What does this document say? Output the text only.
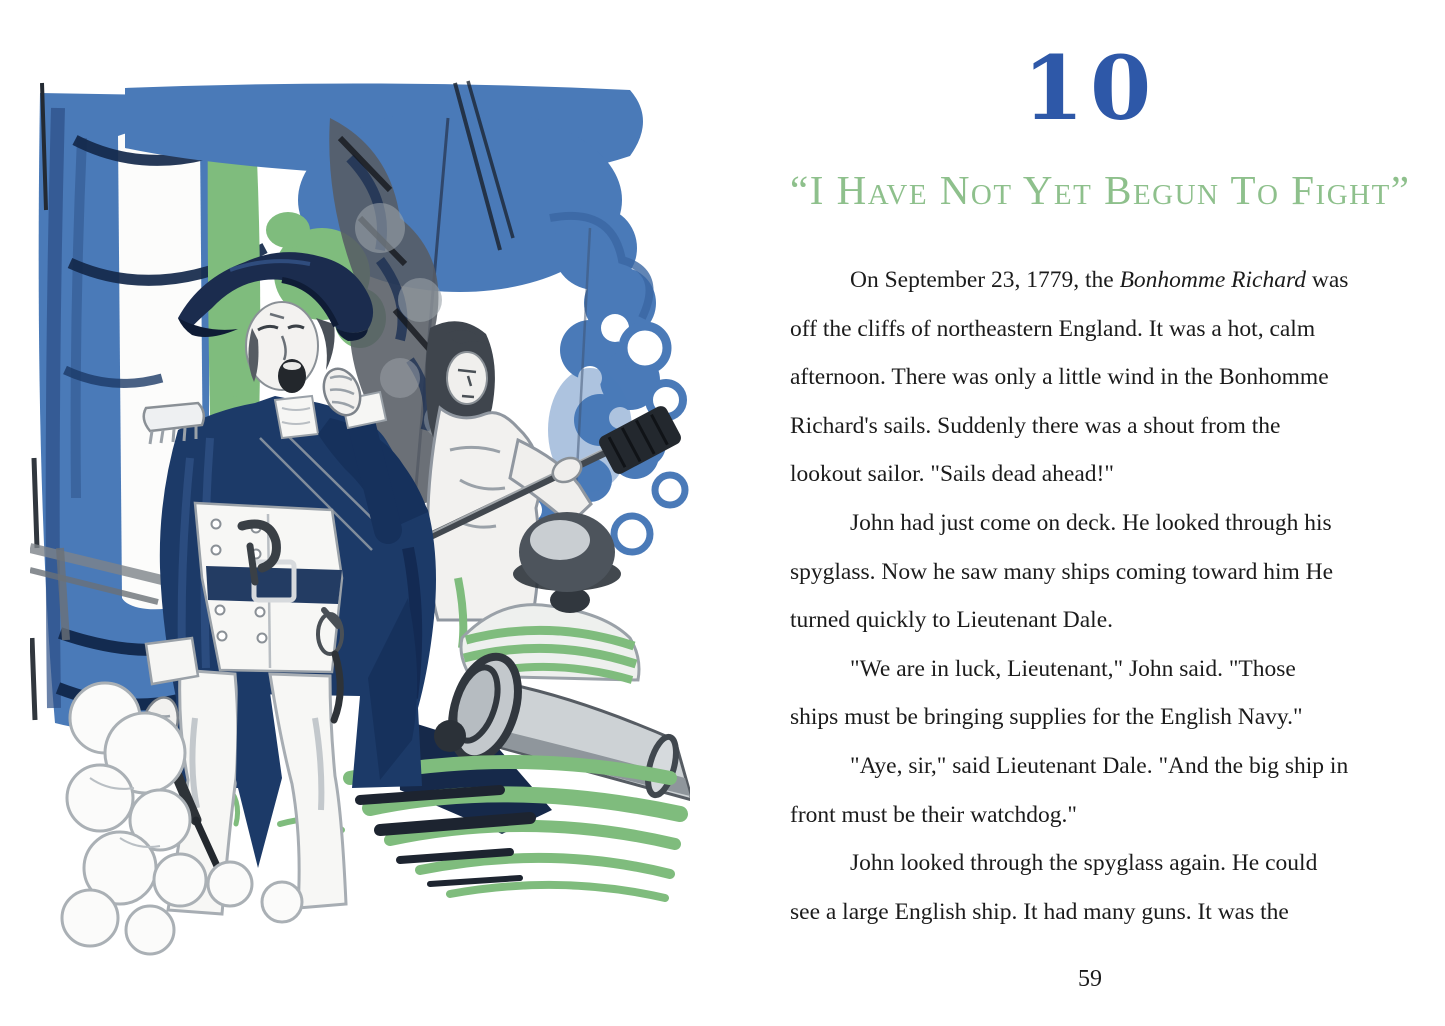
10
“I Have Not Yet Begun To Fight”
On September 23, 1779, the Bonhomme Richard was
off the cliffs of northeastern England. It was a hot, calm
afternoon. There was only a little wind in the Bonhomme
Richard's sails. Suddenly there was a shout from the
lookout sailor. "Sails dead ahead!"
John had just come on deck. He looked through his
spyglass. Now he saw many ships coming toward him He
turned quickly to Lieutenant Dale.
"We are in luck, Lieutenant," John said. "Those
ships must be bringing supplies for the English Navy."
"Aye, sir," said Lieutenant Dale. "And the big ship in
front must be their watchdog."
John looked through the spyglass again. He could
see a large English ship. It had many guns. It was the
59
